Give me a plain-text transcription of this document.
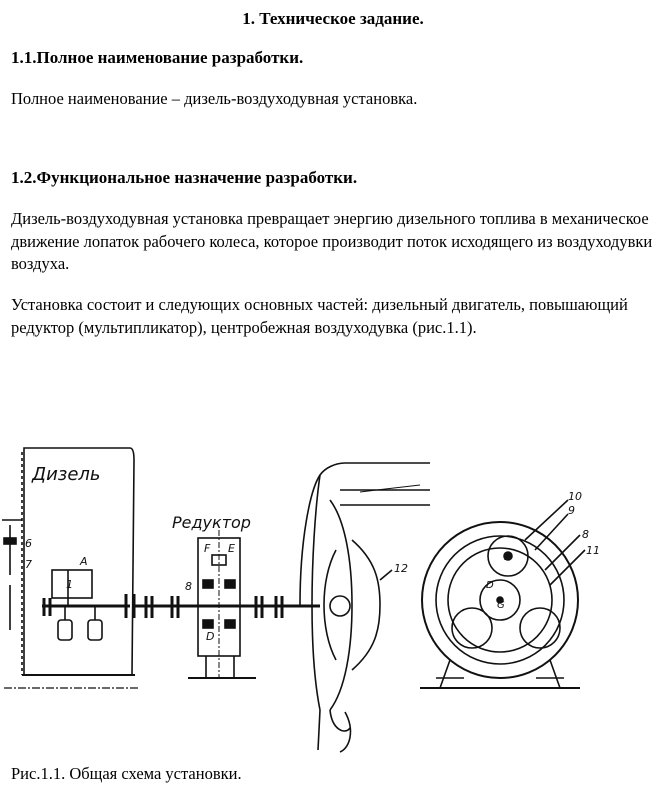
1. Техническое задание.
1.1.Полное наименование разработки.
Полное наименование – дизель-воздуходувная установка.
1.2.Функциональное назначение разработки.
Дизель-воздуходувная установка превращает энергию дизельного топлива в механическое движение лопаток рабочего колеса, которое производит поток исходящего из воздуходувки воздуха.
Установка состоит и следующих основных частей: дизельный двигатель, повышающий редуктор (мультипликатор), центробежная воздуходувка (рис.1.1).
Дизель
6
7
1
А
Редуктор
8
F E
D
12
10
9
8
11
E
D
G
Рис.1.1. Общая схема установки.
